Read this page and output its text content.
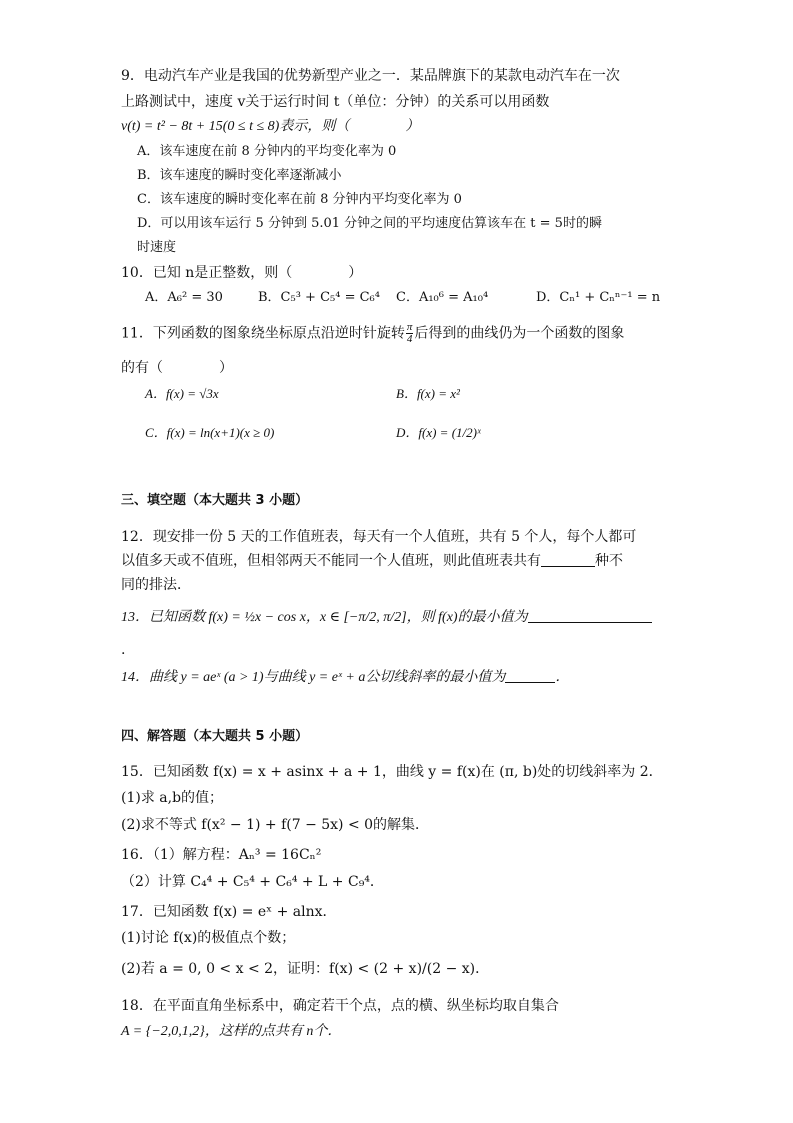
9．电动汽车产业是我国的优势新型产业之一．某品牌旗下的某款电动汽车在一次
上路测试中，速度 v关于运行时间 t（单位：分钟）的关系可以用函数
v(t) = t² − 8t + 15(0 ≤ t ≤ 8)表示，则（　　　　）
A．该车速度在前 8 分钟内的平均变化率为 0
B．该车速度的瞬时变化率逐渐减小
C．该车速度的瞬时变化率在前 8 分钟内平均变化率为 0
D．可以用该车运行 5 分钟到 5.01 分钟之间的平均速度估算该车在 t = 5时的瞬
时速度
10．已知 n是正整数，则（　　　　）
A．A₆² = 30	B．C₅³ + C₅⁴ = C₆⁴ C．A₁₀⁶ = A₁₀⁴	D．Cₙ¹ + Cₙⁿ⁻¹ = n
11．下列函数的图象绕坐标原点沿逆时针旋转 $\frac{\pi}{4}$ 后得到的曲线仍为一个函数的图象
的有（　　　　）
A．f(x) = √3x	B．f(x) = x²
C．f(x) = ln(x+1)(x ≥ 0)	D．f(x) = (1/2)ˣ
三、填空题（本大题共 3 小题）
12．现安排一份 5 天的工作值班表，每天有一个人值班，共有 5 个人，每个人都可
以值多天或不值班，但相邻两天不能同一个人值班，则此值班表共有	种不
同的排法．
13．已知函数 f(x) = ½x − cos x，x ∈ [−π/2, π/2]，则 f(x)的最小值为
.
14．曲线 y = aeˣ (a > 1)与曲线 y = eˣ + a公切线斜率的最小值为	．
四、解答题（本大题共 5 小题）
15．已知函数 f(x) = x + asinx + a + 1，曲线 y = f(x)在 (π, b)处的切线斜率为 2．
(1)求 a,b的值；
(2)求不等式 f(x² − 1) + f(7 − 5x) < 0的解集．
16．（1）解方程：Aₙ³ = 16Cₙ²
（2）计算 C₄⁴ + C₅⁴ + C₆⁴ + L + C₉⁴．
17．已知函数 f(x) = eˣ + alnx．
(1)讨论 f(x)的极值点个数；
(2)若 a = 0, 0 < x < 2，证明：f(x) < (2 + x)/(2 − x)．
18．在平面直角坐标系中，确定若干个点，点的横、纵坐标均取自集合
A = {−2,0,1,2}，这样的点共有 n个．
